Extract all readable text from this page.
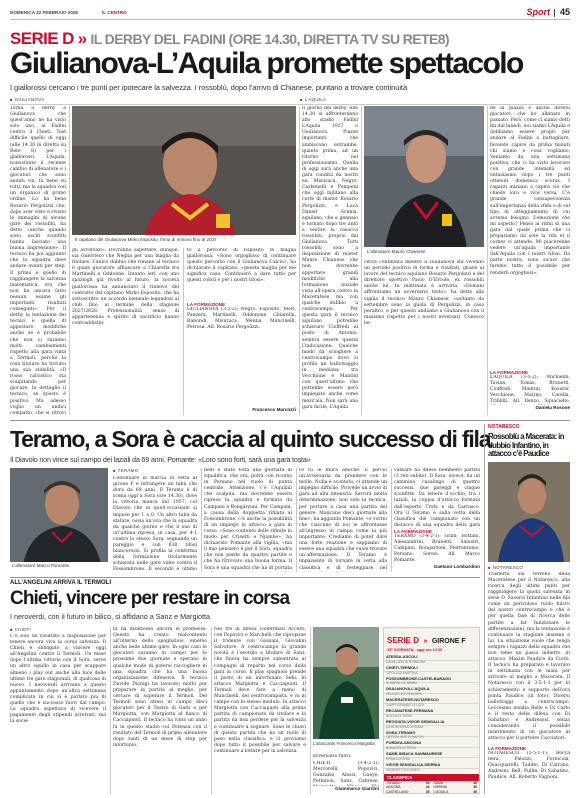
DOMENICA 22 FEBBRAIO 2026	IL CENTRO	Sport 45
SERIE D » IL DERBY DEL FADINI (ORE 14.30, DIRETTA TV SU RETE8)
Giulianova-L’Aquila promette spettacolo
I giallorossi cercano i tre punti per ipotecare la salvezza. I rossoblù, dopo l’arrivo di Chianese, puntano a trovare continuità
■ GIULIANOVA
■	L’AQUILA
Torna il derby a Giulianova che quest’anno ne ha visto solo uno, al Fadini contro il Chieti. Test difficile quello di oggi (alle 14.30 in diretta su Rete 8) per i giallorossi. L’Aquila, nonostante il recente cambio di allenatore e i giocatori che sono andati via, fa bene su tutti, ma la squadra con un organico di primo ordine. Lo ha bene Rosario Pergolizzi che, dopo aver visto e rivisto le immagini di alcune gare dei rossoblù, ha detto «anche quando sono usciti sconfitti hanno lasciato una buona impressione». Il tecnico ha poi aggiunto che la squadra deve andare avanti per step. Il primo è quello di raggiungere la salvezza matematica, ora che non ha ancora fatto nessun esame gli importanti risultati conseguiti». Per il derby la tentazione dei tecnici è quella di appostare modifiche anche se è probabile che non ci saranno molti cambiamenti rispetto alla gara vinta a Termoli, perché la rosa titolare ha trovato una sua stabilità. «Il rosso calcistico sta scalpitando per giocare. In dettaglio il tecnico, se questo è positivo. Ma adesso voglio un undici compatto, che si ritrovi
Il capitano del Giulianova Mirko Esposito, firma di rinnovo fino al 2027
gli avversari». Dovranno aspettare, dunque, sia Guerriero che Neglia per una maglia da titolare. L’unico dubbio che rimane al tecnico è quale giocatore affiancare a Chiarella tra Martinelli e Oddonne. Intanto ieri, con uno spaziogli già rivolto al futuro, la società giallorossa ha annunciato il rinnovo del contratto del capitano Mirko Esposito, che ha sottoscritto un accordo biennale legandosi al club fino al termine della stagione 2027/2028. Professionalità, senso di appartenenza e spirito di sacrificio hanno contraddistin-
to il percorso di Esposito in maglia giallorossa, «Sono orgoglioso di continuare questo percorso con il Giulianova Calcio», ha dichiarato il capitano, «questa maglia per me significa casa. Continuerò a dare tutto per questi colori e per i nostri tifosi».
LA FORMAZIONE
GIULIANOVA (3-5-2): Negro, Esposito, Mori, Panzera, Martinelli, Oddonone, Chiarella, Rabondi, Misuraca, Menna, Mancinelli, Petrosa. All. Rosario Pergolizzi.
Francesco Marcozzi
Il giorno del derby. Alle 14.30 si affronteranno allo stadio Fadini L’Aquila 1927 e Giulianova. Piazze importanti che ambiscono entrambe, quanto prima, ad un ritorno nel professionismo. Quella di oggi sarà anche una gara condita da nostri ex: Misuraca, Negro, Carbonelli e Pomponi che oggi militano alla corte di mister Rosario Pergolizzi, e Luca Daniel Scimia, aquilano, che a gennaio è tornato dopo tre anni a vestire la casacca rossoblu, proprio dal Giulianova. Tutti rossoblù sono a disposizione di mister Mauro Chianese che non dovrebbe apportare grandi modifiche alla formazione iniziale vista all’opera contro la Maceratese ma con qualche dubbio a centrocampo. Per questa gara il tecnico aquilano potrebbe schierare Cioffredi al posto di Antonio, sembra essere questa l’indicazione. Qualche modo da sciogliere a centrocampo dove si profila un ballottaggio in mediana tra Vecchione e Mantini con quest’ultimo che potrebbe essere però impiegato anche come mezz’ala. Non sarà una gara facile, L’Aquila
L’allenatore Mauro Chianese
cerca continuità mentre il Giulianova sta vivendo un periodo positivo di forma e risultati, grazie al lavoro del tecnico aquilano Rosario Pergolizzi e del direttore sportivo Paolo D’Ercole, ex rossoblù anche lui. In mattinata è arrivata, «Domani affrontiamo un avversario tosto», ha detto alla vigilia il tecnico Mauro Chianese, «soltanto da settembre sono la guida di Pergolizzi, in casa peraltro, e per questo andiamo a Giulianova con il massimo rispetto per i nostri avversari. Conosco be-
ne la piazza e anche diversi giocatori, che ho allenato in passato. Però, come ci siamo detti fin dal lunedì, noi siamo L’Aquila e dobbiamo essere propri per andare al Fadini a battagliare, facendo capire da prima minuti chi siamo e cosa vogliamo. Veniamo da una settimana positiva, che ci ha visto lavorare con grande intensità ed entusiasmo dopo i tre punti ottenuti domenica scorsa. I ragazzi iniziano a capire ciò che chiedo loro e vice versa. C’è grande consapevolezza sull’importanza della sfida e di sul tipo di atteggiamento di cui avremo bisogno. L’emozione che mi aspetto? Penso ai ritmi di una gara dal quale prima che ci prepariamo da sole la rifa el il corner ci attende. Mi piacerebbe vedere un’aquila importante dall’Aquila con i nostri tifosi. Da parte nostra, sono sicuro che faremo tutto il possibile per renderli orgogliosi».
LA FORMAZIONE
L’AQUILA (3-5-2): Michielin, Tavian, Tomas, Brunetti, Cioffredi, Mantini, Kosatar, Vecchione, Marino, Carella, Triblilli. All. Ilenzo, Squaciello.
Daniela Rosone
Teramo, a Sora è caccia al quinto successo di fila
Il Diavolo non vince sul campo dei laziali da 69 anni. Pomante: «Loro sono forti, sarà una gara tosta»
■ TERAMO
L’allenatore Marco Pomante
Continuare la marcia in vetta al girone F e infrangere un tabù che dura da 69 anni. Il Teramo è di scena oggi a Sora (ore 14.30), dove la vittoria manca dal 1957, col Diavolo che in quell’occasione si impose per 1 a 0. Un altro tabù da sfatare, ossia un’oca che la squadra da qualche giorno e che il suo di un’ultima ripresa, in casa, per 4-1 contro lo stesso Sora, segnando un pareggio e con 630 tifosi biancorossi. Si profila la conferma della formazione titolarmente schierata nelle gare vinte contro il Fossombrone. Il secondo e ultimo
nedì è stata tolta una giornata di squalifica, che ora, potrà con ricorso in Persano nel ruolo di punta centrale. Attenzione, c’è l’Aquilali che scalpita, ma dovrebbe essere ripresa la squadra e formata da Campani e Bongarzoni. Per Campani, a causa della doppietta rifilata al Fossombrone, c’è anche la possibilità di un impiego in attacco a gara in corso. «Sono contento delle rifinite in modo per Crisetti e Njambe», ha dichiarato Pomante alla vigilia, «ma il mio pensiero è per il Sora, squadra che non perde da quattro partite e che ha ritrovato una buona forma. Il Sora è una squadra che ha di portata
re tu le mura amiche. È perciò un’avversaria da prendere con le molle. Nulla è scontato, ci attende un impegno difficile. Provede un avvio di gara ad alta intensità. Servirà molta determinazione, non solo la tecnica, per portare a casa una partita del genere. Mancano dieci giornate alla fine», ha aggiunto Pomante, «e vorrei che ciascuno di noi le affrontasse all’ingresso in campo come la più importante. Crediamo di poter dare una forte reazione e sappiamo di essere una squadra che vuole trovare un’affermazione. Il Teramo è impaziente di tornare in vetta alla classifica e di festeggiare nel
vantare ha difeso nemmeno partita (3 reti subite). Il Sora, invece, ha un cammino casalingo di quattro successi, due pareggi e cinque sconfitte. Da tenere d’occhio, tra i laziali, la coppia d’attacco formata dall’esperto Trofa e da Carrasco. Ora il Teramo è sulla vetta della classifica del campionato con un distacco di una squadra della gara
LA FORMAZIONE
TERAMO (3-4-2-1): Grilli; Bottani, Alessandrini, Brunetti, Salustri, Campani, Bongarzoni, Pietrantonio, Persano. Seresi. All. Marco Pomante.
Gaetano Lombardino
NOTARESCO
Rossoblù a Macerata: in dubbio Infantino, in attacco c’è Paudice
■ NOTARESCO
Trasferta sul terreno della Maceratese per il Notaresco, alla ricerca degli ultimi punti per raggiungere la quota salvezza in serie D. Saverio Infantino nelle fila come un pericoloso ruolo fulcro del nostro centrocampo e che è per quella fase di ricerca delle partite a far funzionare le differenziazioni, ma la tentazione è continuare la stagione insieme a lui. La situazione vuole che tenga sempre i ragazzi della squadra che non teme un passo indietro, in attacco, Maxim Paudice da Ciotti. Il tecnico ha preparato e lavorato in settimana con le mani per arrivare al meglio a Macerata. Il Notaresco con il 3-5-1-1 per lo schieramento e supporto dell’ora punta Paudice (in foto). Diversi ballottaggi a centrocampo. Leccesino insidia Belle e Di Carlo e il resto della difesa con Di Sabatino e Andreassi, senza considerando il possibile inserimento di un giocatore in attacco per il portiere Cacciatori.
LA FORMAZIONE
NOTARESCO (3-5-1-1): Bocca nera, Palozzi, Fornicola, Quacquarelli, Taddei, Di Catrano, Andreini, Bell, Pullin, Di Sabatino, Paudice. All. Roberto Vagnoni.
ALL’ANGELINI ARRIVA IL TERMOLI
Chieti, vincere per restare in corsa
I neroverdi, con il futuro in bilico, si affidano a Sanz e Margiotta
■ CHIETI
C’è solo un risultato a disposizione per tenere ancora viva la corsa salvezza. Il Chieti è obbligato a vincere oggi all’Angelini contro il Termoli. Un mese dopo l’ultima vittoria con il Sora, serve un altro squillo in casa per scappare almeno i play out anche alla luce delle ultime tre gare stagionali, di qualcosa di nuovo. I neroverdi arrivano a questo appuntamento dopo un’altra settimana complicata in cui si è parlato più di quello che è successo fuori dal campo. La squadra aspettava di ricevere il pagamento degli stipendi arretrati, ma la socie-
tà ha disattesso ancora le promesse. Questo ha creato malcontento all’interno dello spogliatoio, emerso anche nelle ultime gare. In ogni caso le giocatori saranno in campo per le prossime due giornate e sperano in qualche modo di potersi raccogliere in una squadra che ha una buona organizzazione difensiva. Il tecnico Davide Dionigi ha lavorato molto per preparare la partita al meglio, per cercare di superare il Termoli. Del Termoli sono attesi in campo dieci giocatori per il Teatro di Gatti e per Margiotta, con Margiotta al fianco di Cacciapuoti. Il tecnico ha vinto un anno fa in questo stadio col Potenza con il risultato del Termoli di primo allenatore dopo tanti di un mese di stop per infortunio.
Nel tre di difesa confermati Accetti, con Popovici e Marchelli che ripropone il tridente con Gassani, Giovanni Salvatore. A centrocampo la grande novità è l’esordio a titolare di Sanz, che finora ha sempre subentrato ai compagni di reparto nel corso della gara in corso. Il play spagnolo prende il posto di un infortunato Sebi. In attacco Margiotta e Cacciapuoti. Il Termoli deve fare a meno di Mancinelli, del centrocampista, e va in campo con lo stesso modulo. In attacco Margiotta con Cacciapuoti alla prima partita di campionato da titolare e la partita da non perdere per la salvezza e continuare a sognare. Sono le chiavi di questa partita che ha un ruolo di peso nella classifica, e ci proviamo dopo tutto il possibile per salvare e continuare a lottare per la salvezza.
L’attaccante Francesco Margiotta
avversario fuori.
CHIETI (3-4-2-1): Mercorelli, Popovici, Gonzalez, Alessi, Gueye, Pettenon, Sanz, Cabrese,
Giammarco Giardini
SERIE D » GIRONE F
25ª GIORNATA - oggi ore 14.30
ATESSA-ASCOLI
CAVALLIERI DI ROMAGNA
CHIETI-TERMOLI
CIPOLLI DI MARTINA
FOSSOMBRONE-CASTELBARAGO
DI NAPOLI DI RIMINI
GIULIANOVA-L’AQUILA
VELLUCCI DI PESCARA
MACERATESE-NOTARESCO
CAMPOGRANDE DI LODI
RECANATESE-FERMANA
NOCCA DI TERNI
REGGIATA-VIGOR SENIGALLIA
LA MONTAGNA DI ROMA
SORA-TERAMO
CASTELLANO DI NAPOLI
PORDEA-ANCONA
BONAVITA DI TERNI
SAMB-SIRACA SANMAURESE
SPINA DI ROMA
VIGOR SENIGALLIA-ISERNIA
GIORGETTI DI CUNEO
CLASSIFICA
TERAMO	50 SAMB	49
ANCONA	44 ISERNIA	40
CASTELLANO	39 L’AQUILA	36
